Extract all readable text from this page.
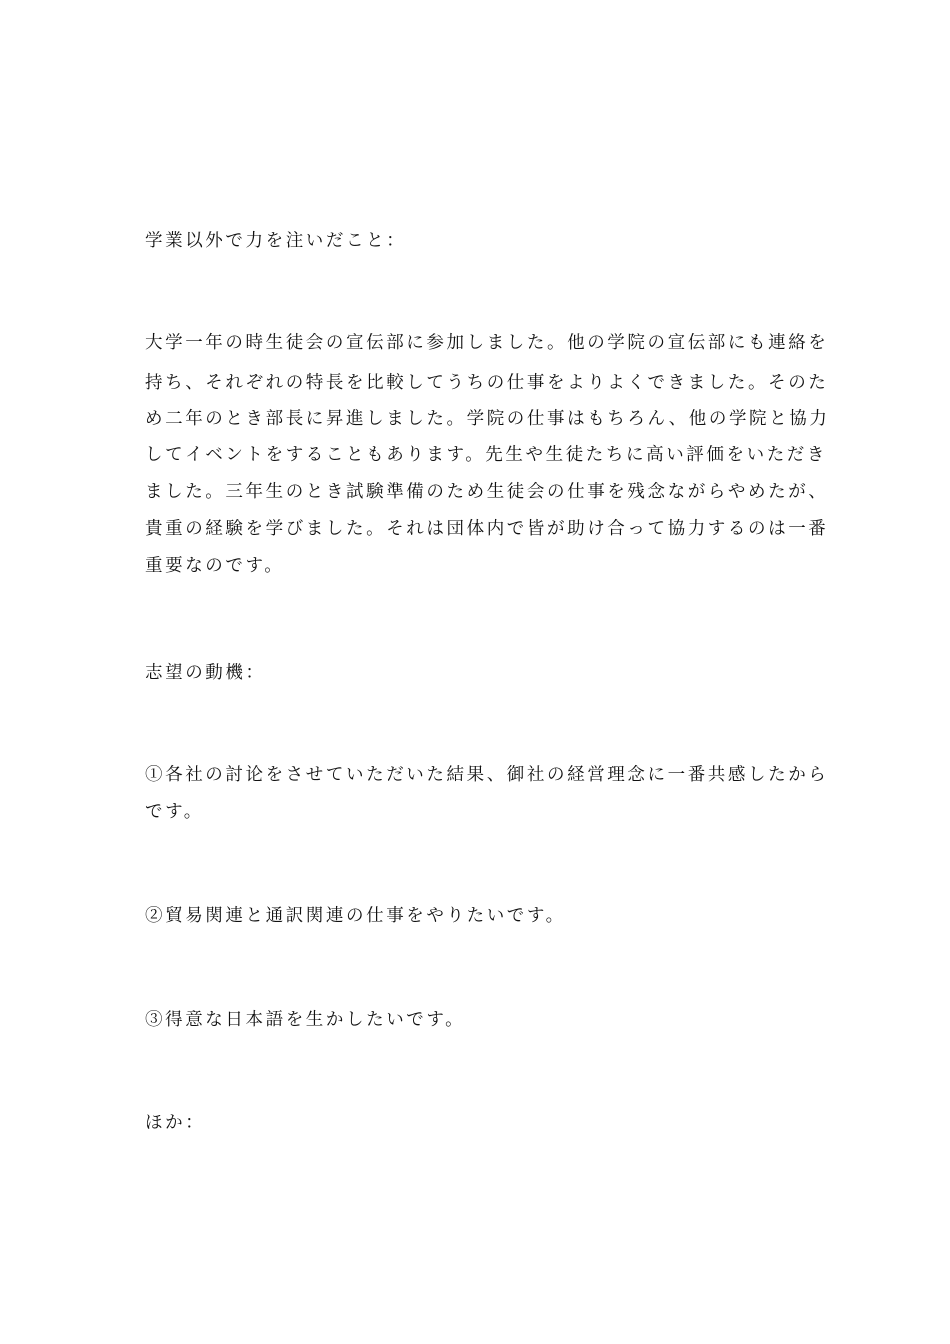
学業以外で力を注いだこと：

大学一年の時生徒会の宣伝部に参加しました。他の学院の宣伝部にも連絡を

持ち、それぞれの特長を比較してうちの仕事をよりよくできました。そのた

め二年のとき部長に昇進しました。学院の仕事はもちろん、他の学院と協力

してイベントをすることもあります。先生や生徒たちに高い評価をいただき

ました。三年生のとき試験準備のため生徒会の仕事を残念ながらやめたが、

貴重の経験を学びました。それは団体内で皆が助け合って協力するのは一番

重要なのです。

志望の動機：

①各社の討论をさせていただいた結果、御社の経営理念に一番共感したから

です。

②貿易関連と通訳関連の仕事をやりたいです。

③得意な日本語を生かしたいです。

ほか：
